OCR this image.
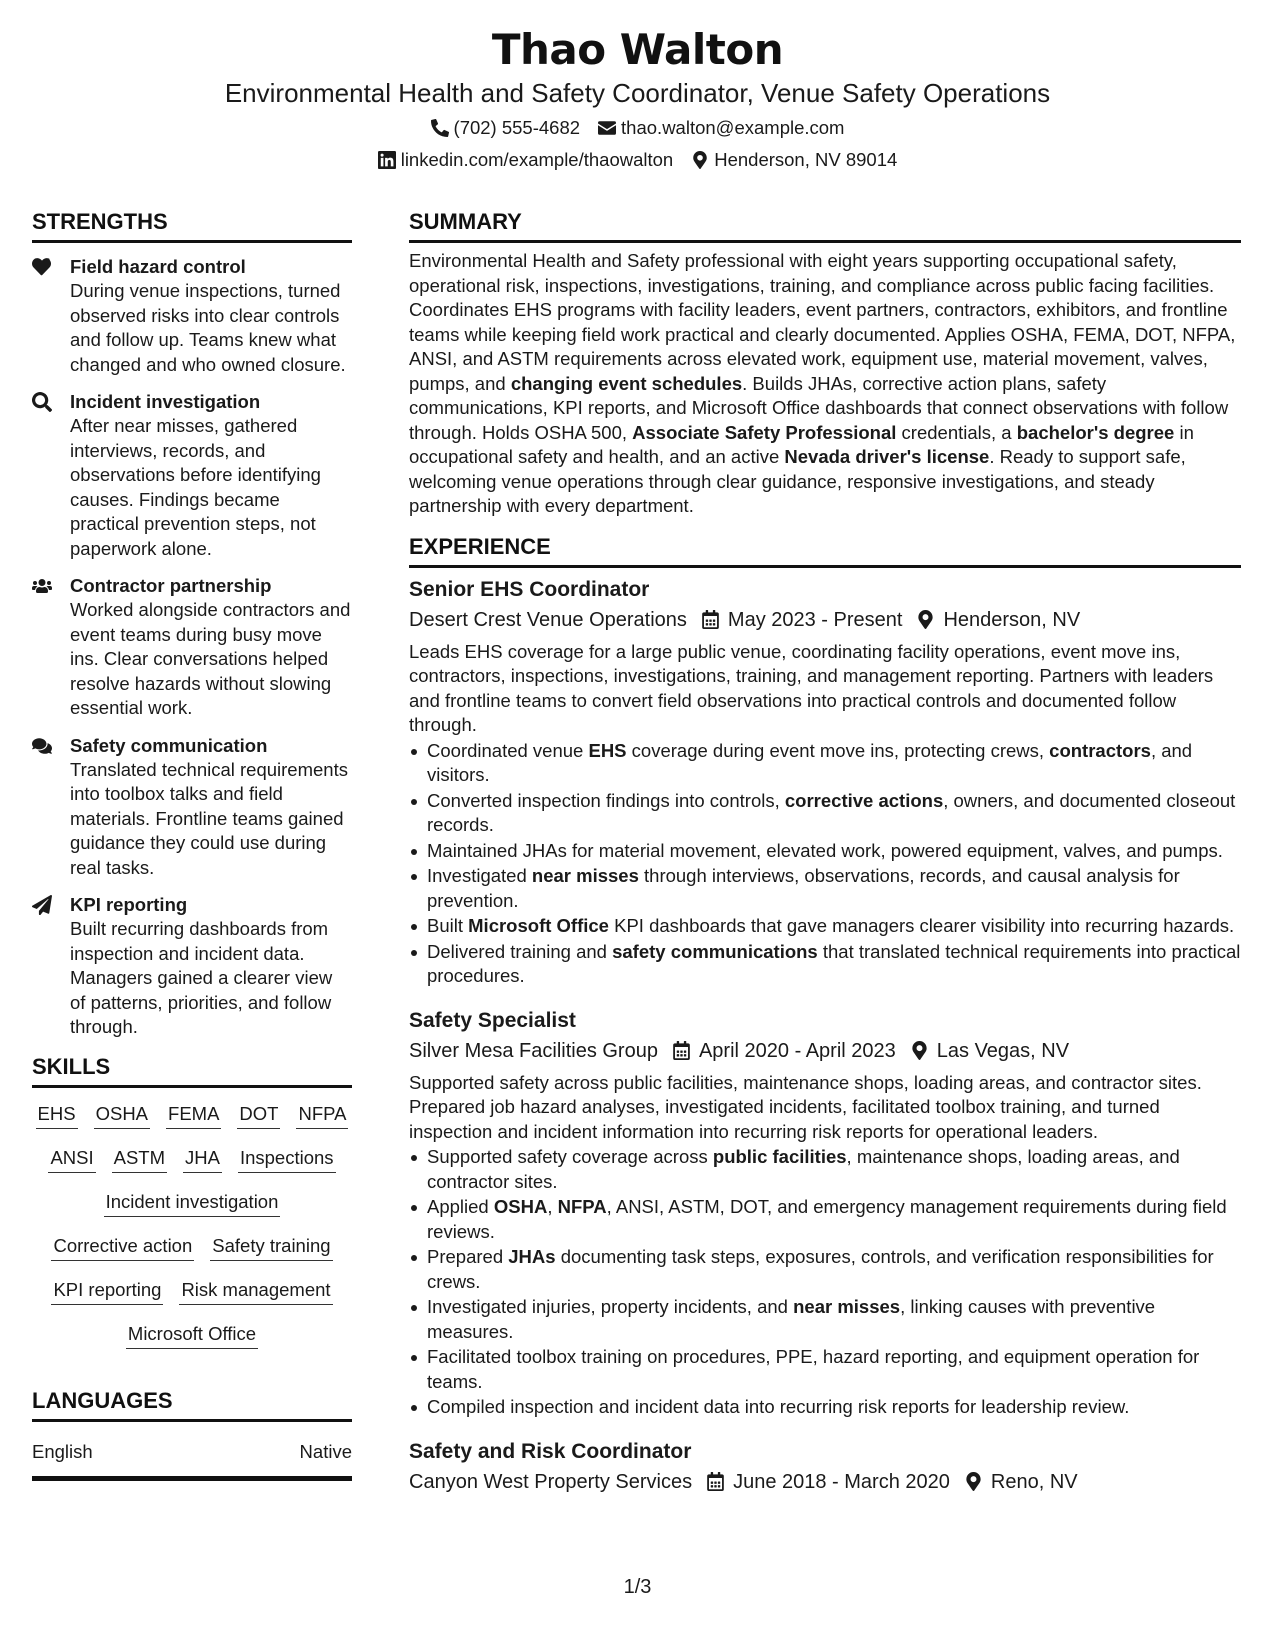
Thao Walton
Environmental Health and Safety Coordinator, Venue Safety Operations
(702) 555-4682 thao.walton@example.com
linkedin.com/example/thaowalton Henderson, NV 89014
STRENGTHS
Field hazard control
During venue inspections, turned observed risks into clear controls and follow up. Teams knew what changed and who owned closure.
Incident investigation
After near misses, gathered interviews, records, and observations before identifying causes. Findings became practical prevention steps, not paperwork alone.
Contractor partnership
Worked alongside contractors and event teams during busy move ins. Clear conversations helped resolve hazards without slowing essential work.
Safety communication
Translated technical requirements into toolbox talks and field materials. Frontline teams gained guidance they could use during real tasks.
KPI reporting
Built recurring dashboards from inspection and incident data. Managers gained a clearer view of patterns, priorities, and follow through.
SKILLS
EHS OSHA FEMA DOT NFPA
ANSI ASTM JHA Inspections
Incident investigation
Corrective action Safety training
KPI reporting Risk management
Microsoft Office
LANGUAGES
English	Native
SUMMARY
Environmental Health and Safety professional with eight years supporting occupational safety, operational risk, inspections, investigations, training, and compliance across public facing facilities. Coordinates EHS programs with facility leaders, event partners, contractors, exhibitors, and frontline teams while keeping field work practical and clearly documented. Applies OSHA, FEMA, DOT, NFPA, ANSI, and ASTM requirements across elevated work, equipment use, material movement, valves, pumps, and changing event schedules. Builds JHAs, corrective action plans, safety communications, KPI reports, and Microsoft Office dashboards that connect observations with follow through. Holds OSHA 500, Associate Safety Professional credentials, a bachelor's degree in occupational safety and health, and an active Nevada driver's license. Ready to support safe, welcoming venue operations through clear guidance, responsive investigations, and steady partnership with every department.
EXPERIENCE
Senior EHS Coordinator
Desert Crest Venue Operations May 2023 - Present Henderson, NV
Leads EHS coverage for a large public venue, coordinating facility operations, event move ins, contractors, inspections, investigations, training, and management reporting. Partners with leaders and frontline teams to convert field observations into practical controls and documented follow through.
Coordinated venue EHS coverage during event move ins, protecting crews, contractors, and visitors.
Converted inspection findings into controls, corrective actions, owners, and documented closeout records.
Maintained JHAs for material movement, elevated work, powered equipment, valves, and pumps.
Investigated near misses through interviews, observations, records, and causal analysis for prevention.
Built Microsoft Office KPI dashboards that gave managers clearer visibility into recurring hazards.
Delivered training and safety communications that translated technical requirements into practical procedures.
Safety Specialist
Silver Mesa Facilities Group April 2020 - April 2023 Las Vegas, NV
Supported safety across public facilities, maintenance shops, loading areas, and contractor sites. Prepared job hazard analyses, investigated incidents, facilitated toolbox training, and turned inspection and incident information into recurring risk reports for operational leaders.
Supported safety coverage across public facilities, maintenance shops, loading areas, and contractor sites.
Applied OSHA, NFPA, ANSI, ASTM, DOT, and emergency management requirements during field reviews.
Prepared JHAs documenting task steps, exposures, controls, and verification responsibilities for crews.
Investigated injuries, property incidents, and near misses, linking causes with preventive measures.
Facilitated toolbox training on procedures, PPE, hazard reporting, and equipment operation for teams.
Compiled inspection and incident data into recurring risk reports for leadership review.
Safety and Risk Coordinator
Canyon West Property Services June 2018 - March 2020 Reno, NV
1/3
